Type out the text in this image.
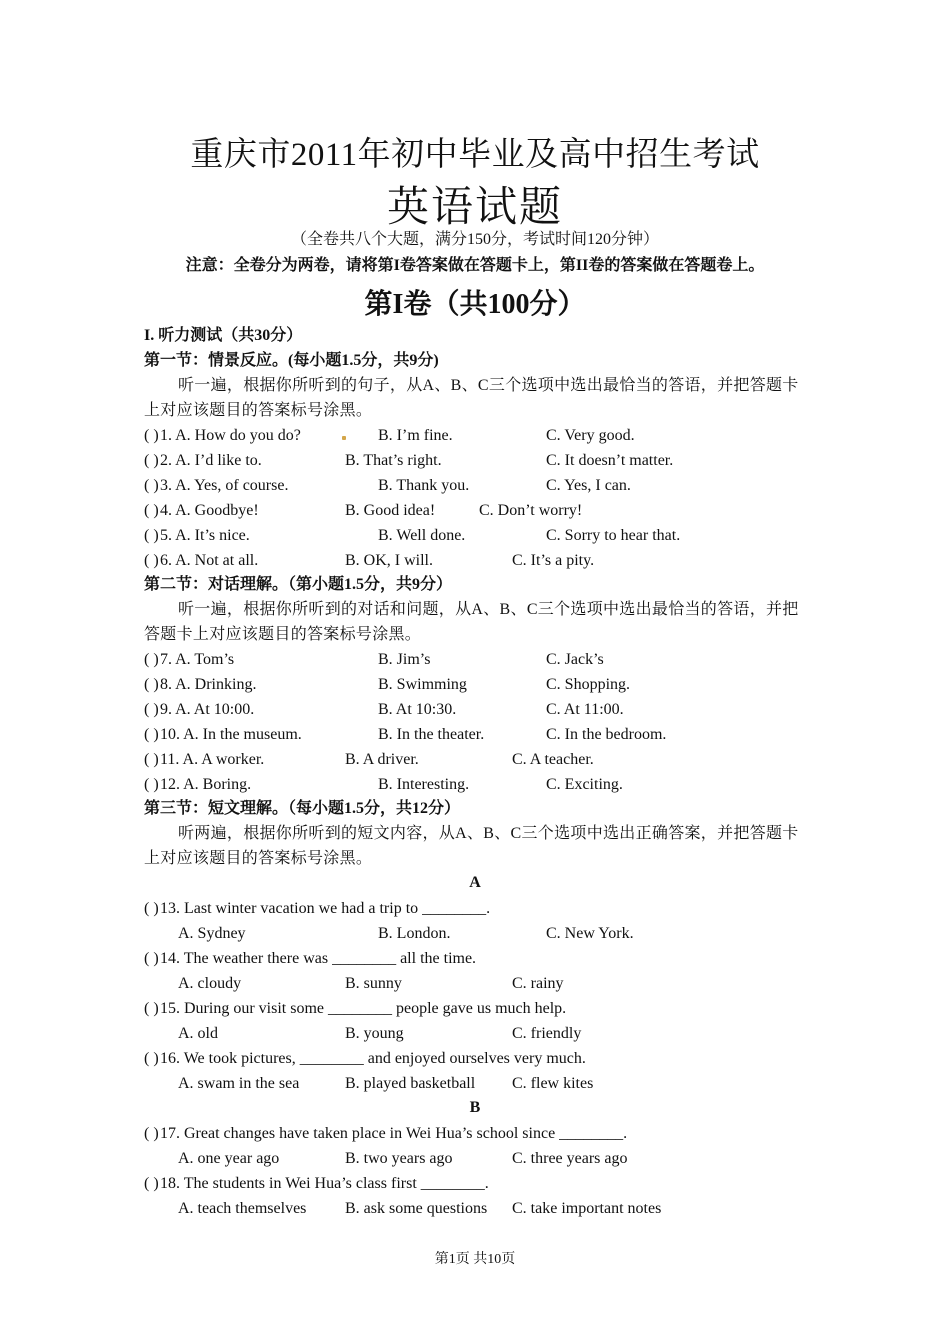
重庆市2011年初中毕业及高中招生考试
英语试题
（全卷共八个大题，满分150分，考试时间120分钟）
注意：全卷分为两卷，请将第I卷答案做在答题卡上，第II卷的答案做在答题卷上。
第I卷（共100分）
I. 听力测试（共30分）
第一节：情景反应。(每小题1.5分，共9分)
听一遍，根据你所听到的句子，从A、B、C三个选项中选出最恰当的答语，并把答题卡上对应该题目的答案标号涂黑。
( ) 1. A. How do you do?	B. I’m fine.	C. Very good.
( ) 2. A. I’d like to.	B. That’s right.	C. It doesn’t matter.
( ) 3. A. Yes, of course.	B. Thank you.	C. Yes, I can.
( ) 4. A. Goodbye!	B. Good idea!	C. Don’t worry!
( ) 5. A. It’s nice.	B. Well done.	C. Sorry to hear that.
( ) 6. A. Not at all.	B. OK, I will.	C. It’s a pity.
第二节：对话理解。（第小题1.5分，共9分）
听一遍，根据你所听到的对话和问题，从A、B、C三个选项中选出最恰当的答语，并把答题卡上对应该题目的答案标号涂黑。
( ) 7. A. Tom’s	B. Jim’s	C. Jack’s
( ) 8. A. Drinking.	B. Swimming	C. Shopping.
( ) 9. A. At 10:00.	B. At 10:30.	C. At 11:00.
( ) 10. A. In the museum.	B. In the theater.	C. In the bedroom.
( ) 11. A. A worker.	B. A driver.	C. A teacher.
( ) 12. A. Boring.	B. Interesting.	C. Exciting.
第三节：短文理解。（每小题1.5分，共12分）
听两遍，根据你所听到的短文内容，从A、B、C三个选项中选出正确答案，并把答题卡上对应该题目的答案标号涂黑。
A
( ) 13. Last winter vacation we had a trip to ________.
A. Sydney	B. London.	C. New York.
( ) 14. The weather there was ________ all the time.
A. cloudy	B. sunny	C. rainy
( ) 15. During our visit some ________ people gave us much help.
A. old	B. young	C. friendly
( ) 16. We took pictures, ________ and enjoyed ourselves very much.
A. swam in the sea	B. played basketball C. flew kites
B
( ) 17. Great changes have taken place in Wei Hua’s school since ________.
A. one year ago	B. two years ago	C. three years ago
( ) 18. The students in Wei Hua’s class first ________.
A. teach themselves B. ask some questions C. take important notes
第1页 共10页
